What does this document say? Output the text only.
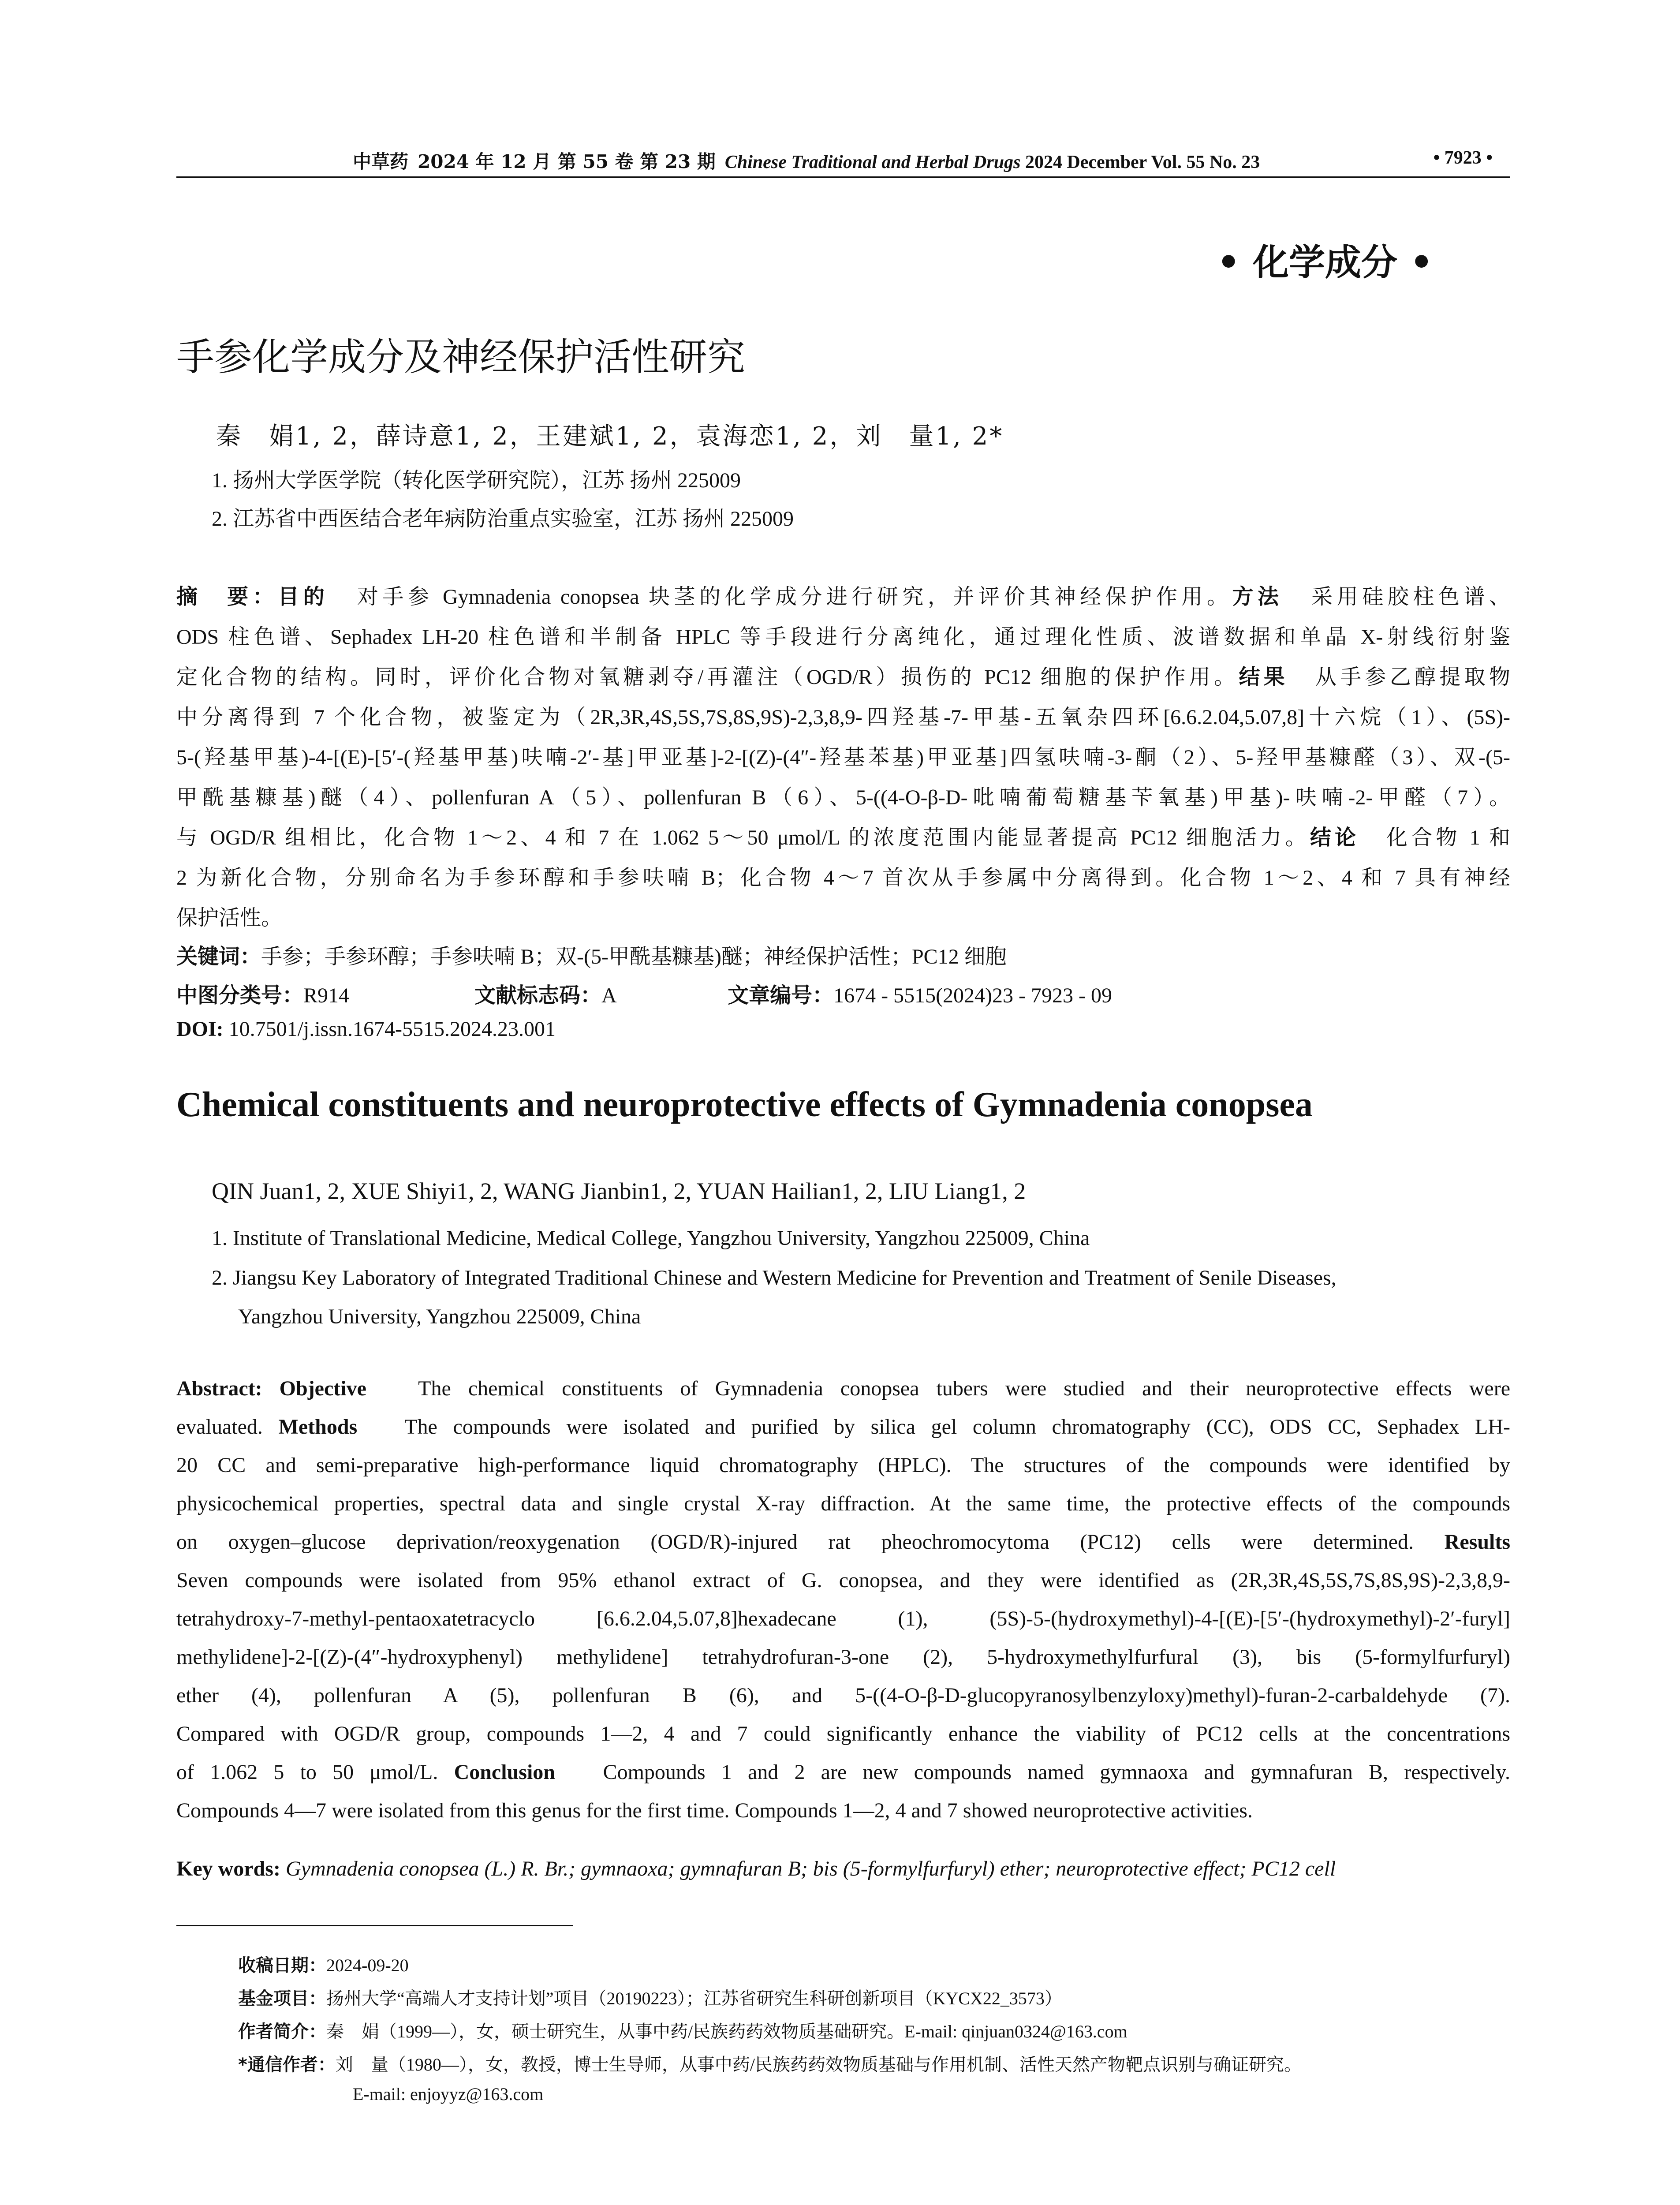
中草药 2024 年 12 月 第 55 卷 第 23 期 Chinese Traditional and Herbal Drugs 2024 December Vol. 55 No. 23	• 7923 •
• 化学成分 •
手参化学成分及神经保护活性研究
秦　娟1, 2，薛诗意1, 2，王建斌1, 2，袁海恋1, 2，刘　量1, 2*
1. 扬州大学医学院（转化医学研究院），江苏 扬州 225009
2. 江苏省中西医结合老年病防治重点实验室，江苏 扬州 225009
摘　要：目的 对手参 Gymnadenia conopsea 块茎的化学成分进行研究，并评价其神经保护作用。方法 采用硅胶柱色谱、
ODS 柱色谱、Sephadex LH-20 柱色谱和半制备 HPLC 等手段进行分离纯化，通过理化性质、波谱数据和单晶 X-射线衍射鉴
定化合物的结构。同时，评价化合物对氧糖剥夺/再灌注（OGD/R）损伤的 PC12 细胞的保护作用。结果 从手参乙醇提取物
中分离得到 7 个化合物，被鉴定为（2R,3R,4S,5S,7S,8S,9S)-2,3,8,9-四羟基-7-甲基-五氧杂四环[6.6.2.04,5.07,8]十六烷（1）、(5S)-
5-(羟基甲基)-4-[(E)-[5′-(羟基甲基)呋喃-2′-基]甲亚基]-2-[(Z)-(4″-羟基苯基)甲亚基]四氢呋喃-3-酮（2）、5-羟甲基糠醛（3）、双-(5-
甲酰基糠基)醚（4）、pollenfuran A（5）、pollenfuran B（6）、5-((4-O-β-D-吡喃葡萄糖基苄氧基)甲基)-呋喃-2-甲醛（7）。
与 OGD/R 组相比，化合物 1～2、4 和 7 在 1.062 5～50 μmol/L 的浓度范围内能显著提高 PC12 细胞活力。结论 化合物 1 和
2 为新化合物，分别命名为手参环醇和手参呋喃 B；化合物 4～7 首次从手参属中分离得到。化合物 1～2、4 和 7 具有神经
保护活性。
关键词：手参；手参环醇；手参呋喃 B；双-(5-甲酰基糠基)醚；神经保护活性；PC12 细胞
中图分类号：R914	文献标志码：A	文章编号：1674 - 5515(2024)23 - 7923 - 09
DOI: 10.7501/j.issn.1674-5515.2024.23.001
Chemical constituents and neuroprotective effects of Gymnadenia conopsea
QIN Juan1, 2, XUE Shiyi1, 2, WANG Jianbin1, 2, YUAN Hailian1, 2, LIU Liang1, 2
1. Institute of Translational Medicine, Medical College, Yangzhou University, Yangzhou 225009, China
2. Jiangsu Key Laboratory of Integrated Traditional Chinese and Western Medicine for Prevention and Treatment of Senile Diseases,
Yangzhou University, Yangzhou 225009, China
Abstract: Objective The chemical constituents of Gymnadenia conopsea tubers were studied and their neuroprotective effects were
evaluated. Methods The compounds were isolated and purified by silica gel column chromatography (CC), ODS CC, Sephadex LH-
20 CC and semi-preparative high-performance liquid chromatography (HPLC). The structures of the compounds were identified by
physicochemical properties, spectral data and single crystal X-ray diffraction. At the same time, the protective effects of the compounds
on oxygen–glucose deprivation/reoxygenation (OGD/R)-injured rat pheochromocytoma (PC12) cells were determined. Results
Seven compounds were isolated from 95% ethanol extract of G. conopsea, and they were identified as (2R,3R,4S,5S,7S,8S,9S)-2,3,8,9-
tetrahydroxy-7-methyl-pentaoxatetracyclo [6.6.2.04,5.07,8]hexadecane (1), (5S)-5-(hydroxymethyl)-4-[(E)-[5′-(hydroxymethyl)-2′-furyl]
methylidene]-2-[(Z)-(4″-hydroxyphenyl) methylidene] tetrahydrofuran-3-one (2), 5-hydroxymethylfurfural (3), bis (5-formylfurfuryl)
ether (4), pollenfuran A (5), pollenfuran B (6), and 5-((4-O-β-D-glucopyranosylbenzyloxy)methyl)-furan-2-carbaldehyde (7).
Compared with OGD/R group, compounds 1—2, 4 and 7 could significantly enhance the viability of PC12 cells at the concentrations
of 1.062 5 to 50 μmol/L. Conclusion Compounds 1 and 2 are new compounds named gymnaoxa and gymnafuran B, respectively.
Compounds 4—7 were isolated from this genus for the first time. Compounds 1—2, 4 and 7 showed neuroprotective activities.
Key words: Gymnadenia conopsea (L.) R. Br.; gymnaoxa; gymnafuran B; bis (5-formylfurfuryl) ether; neuroprotective effect; PC12 cell
收稿日期：2024-09-20
基金项目：扬州大学“高端人才支持计划”项目（20190223）；江苏省研究生科研创新项目（KYCX22_3573）
作者简介：秦　娟（1999—），女，硕士研究生，从事中药/民族药药效物质基础研究。E-mail: qinjuan0324@163.com
*通信作者：刘　量（1980—），女，教授，博士生导师，从事中药/民族药药效物质基础与作用机制、活性天然产物靶点识别与确证研究。
E-mail: enjoyyz@163.com
